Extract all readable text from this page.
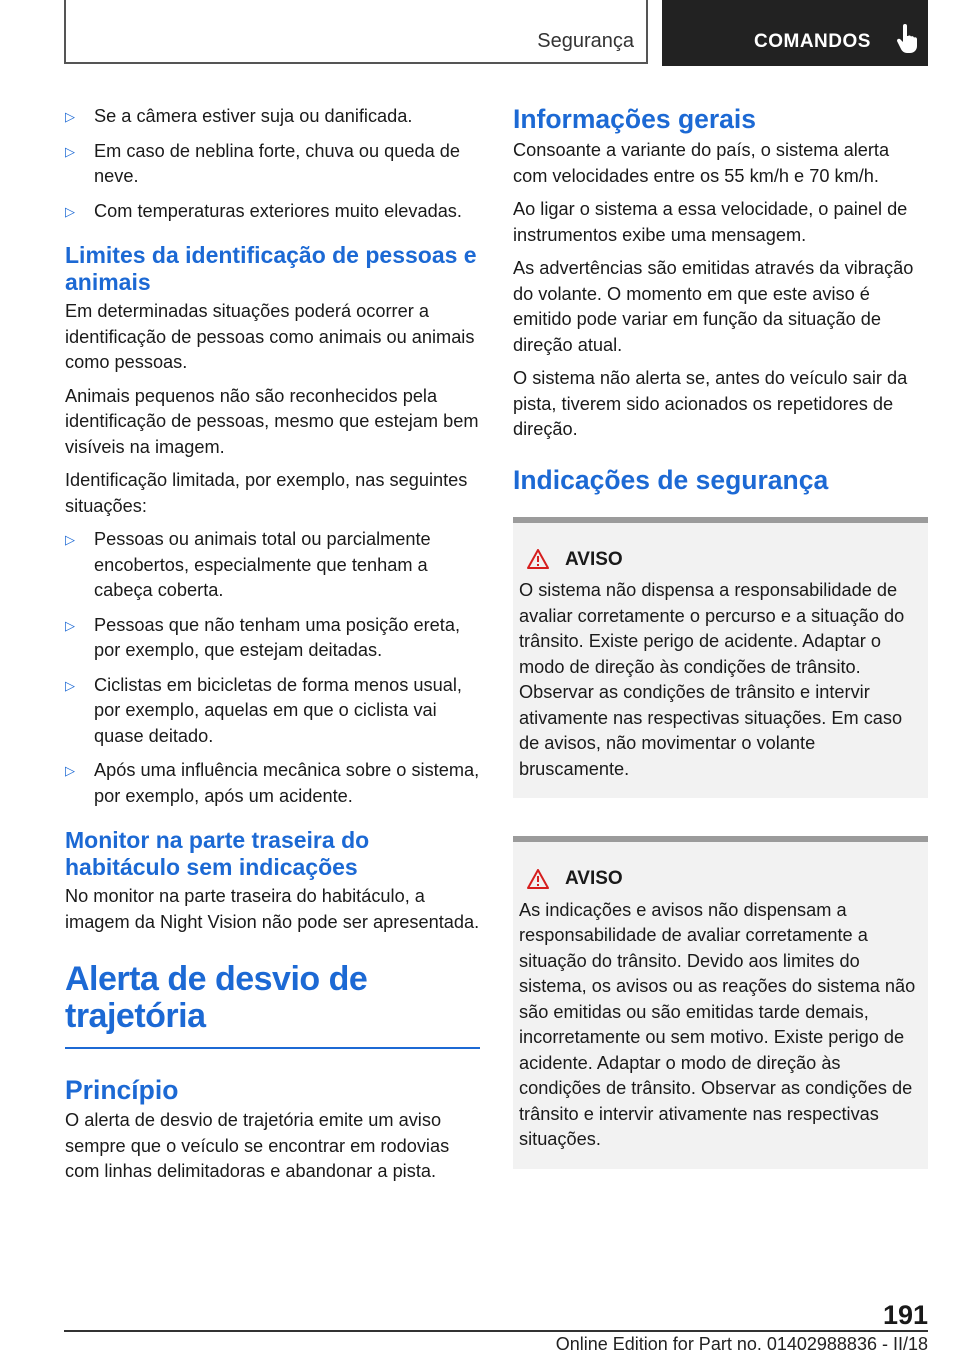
Segurança	COMANDOS
▷ Se a câmera estiver suja ou danificada.
▷ Em caso de neblina forte, chuva ou queda de neve.
▷ Com temperaturas exteriores muito elevadas.
Limites da identificação de pessoas e animais

Em determinadas situações poderá ocorrer a identificação de pessoas como animais ou animais como pessoas.

Animais pequenos não são reconhecidos pela identificação de pessoas, mesmo que estejam bem visíveis na imagem.

Identificação limitada, por exemplo, nas seguintes situações:

▷ Pessoas ou animais total ou parcialmente encobertos, especialmente que tenham a cabeça coberta.
▷ Pessoas que não tenham uma posição ereta, por exemplo, que estejam deitadas.
▷ Ciclistas em bicicletas de forma menos usual, por exemplo, aquelas em que o ciclista vai quase deitado.
▷ Após uma influência mecânica sobre o sistema, por exemplo, após um acidente.
Monitor na parte traseira do habitáculo sem indicações

No monitor na parte traseira do habitáculo, a imagem da Night Vision não pode ser apresentada.

Alerta de desvio de trajetória
Princípio

O alerta de desvio de trajetória emite um aviso sempre que o veículo se encontrar em rodovias com linhas delimitadoras e abandonar a pista.

Informações gerais

Consoante a variante do país, o sistema alerta com velocidades entre os 55 km/h e 70 km/h.

Ao ligar o sistema a essa velocidade, o painel de instrumentos exibe uma mensagem.

As advertências são emitidas através da vibração do volante. O momento em que este aviso é emitido pode variar em função da situação de direção atual.

O sistema não alerta se, antes do veículo sair da pista, tiverem sido acionados os repetidores de direção.

Indicações de segurança
AVISO
O sistema não dispensa a responsabilidade de avaliar corretamente o percurso e a situação do trânsito. Existe perigo de acidente. Adaptar o modo de direção às condições de trânsito. Observar as condições de trânsito e intervir ativamente nas respectivas situações. Em caso de avisos, não movimentar o volante bruscamente.
AVISO
As indicações e avisos não dispensam a responsabilidade de avaliar corretamente a situação do trânsito. Devido aos limites do sistema, os avisos ou as reações do sistema não são emitidas ou são emitidas tarde demais, incorretamente ou sem motivo. Existe perigo de acidente. Adaptar o modo de direção às condições de trânsito. Observar as condições de trânsito e intervir ativamente nas respectivas situações.
191
Online Edition for Part no. 01402988836 - II/18
